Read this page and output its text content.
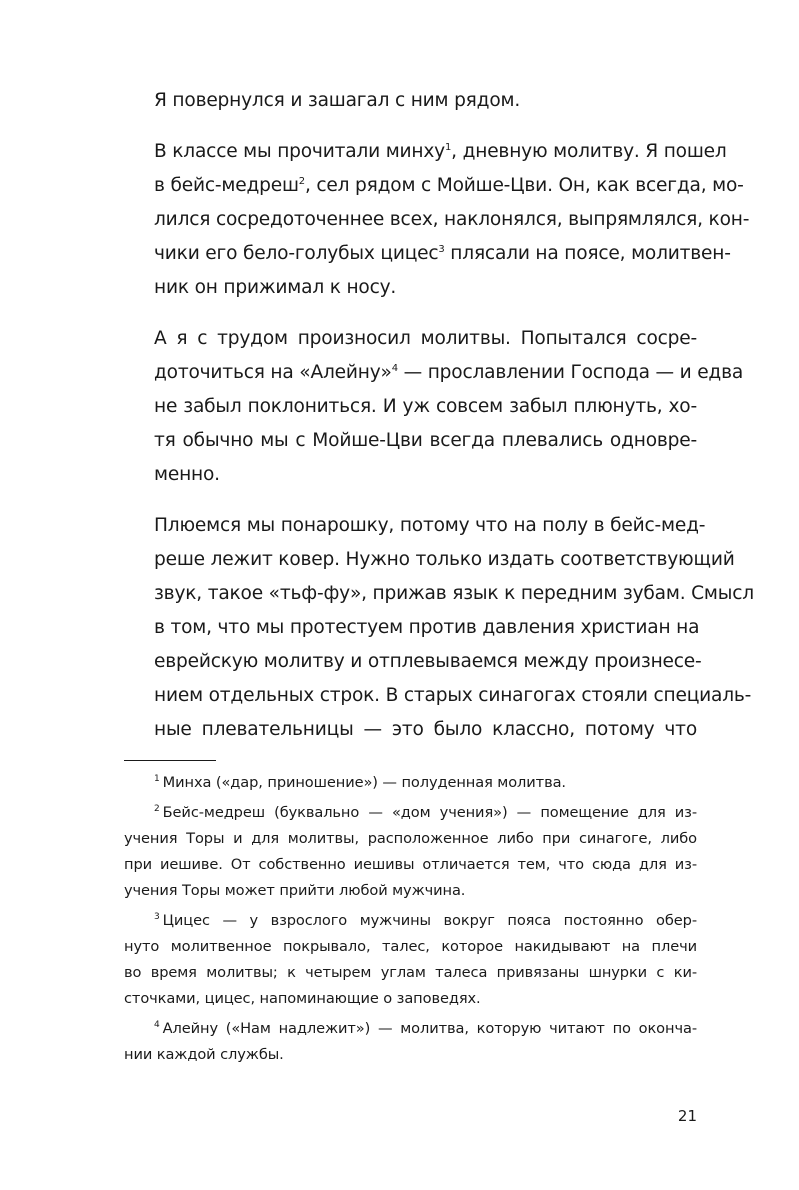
Я повернулся и зашагал с ним рядом.
В классе мы прочитали минху$^1$, дневную молитву. Я пошел
в бейс-медреш$^2$, сел рядом с Мойше-Цви. Он, как всегда, мо-
лился сосредоточеннее всех, наклонялся, выпрямлялся, кон-
чики его бело-голубых цицес$^3$ плясали на поясе, молитвен-
ник он прижимал к носу.
А я с трудом произносил молитвы. Попытался сосре-
доточиться на «Алейну»$^4$ — прославлении Господа — и едва
не забыл поклониться. И уж совсем забыл плюнуть, хо-
тя обычно мы с Мойше-Цви всегда плевались одновре-
менно.
Плюемся мы понарошку, потому что на полу в бейс-мед-
реше лежит ковер. Нужно только издать соответствующий
звук, такое «тьф-фу», прижав язык к передним зубам. Смысл
в том, что мы протестуем против давления христиан на
еврейскую молитву и отплевываемся между произнесе-
нием отдельных строк. В старых синагогах стояли специаль-
ные плевательницы — это было классно, потому что
$^1$ Минха («дар, приношение») — полуденная молитва.
$^2$ Бейс-медреш (буквально — «дом учения») — помещение для из-
учения Торы и для молитвы, расположенное либо при синагоге, либо
при иешиве. От собственно иешивы отличается тем, что сюда для из-
учения Торы может прийти любой мужчина.
$^3$ Цицес — у взрослого мужчины вокруг пояса постоянно обер-
нуто молитвенное покрывало, талес, которое накидывают на плечи
во время молитвы; к четырем углам талеса привязаны шнурки с ки-
сточками, цицес, напоминающие о заповедях.
$^4$ Алейну («Нам надлежит») — молитва, которую читают по оконча-
нии каждой службы.
21
